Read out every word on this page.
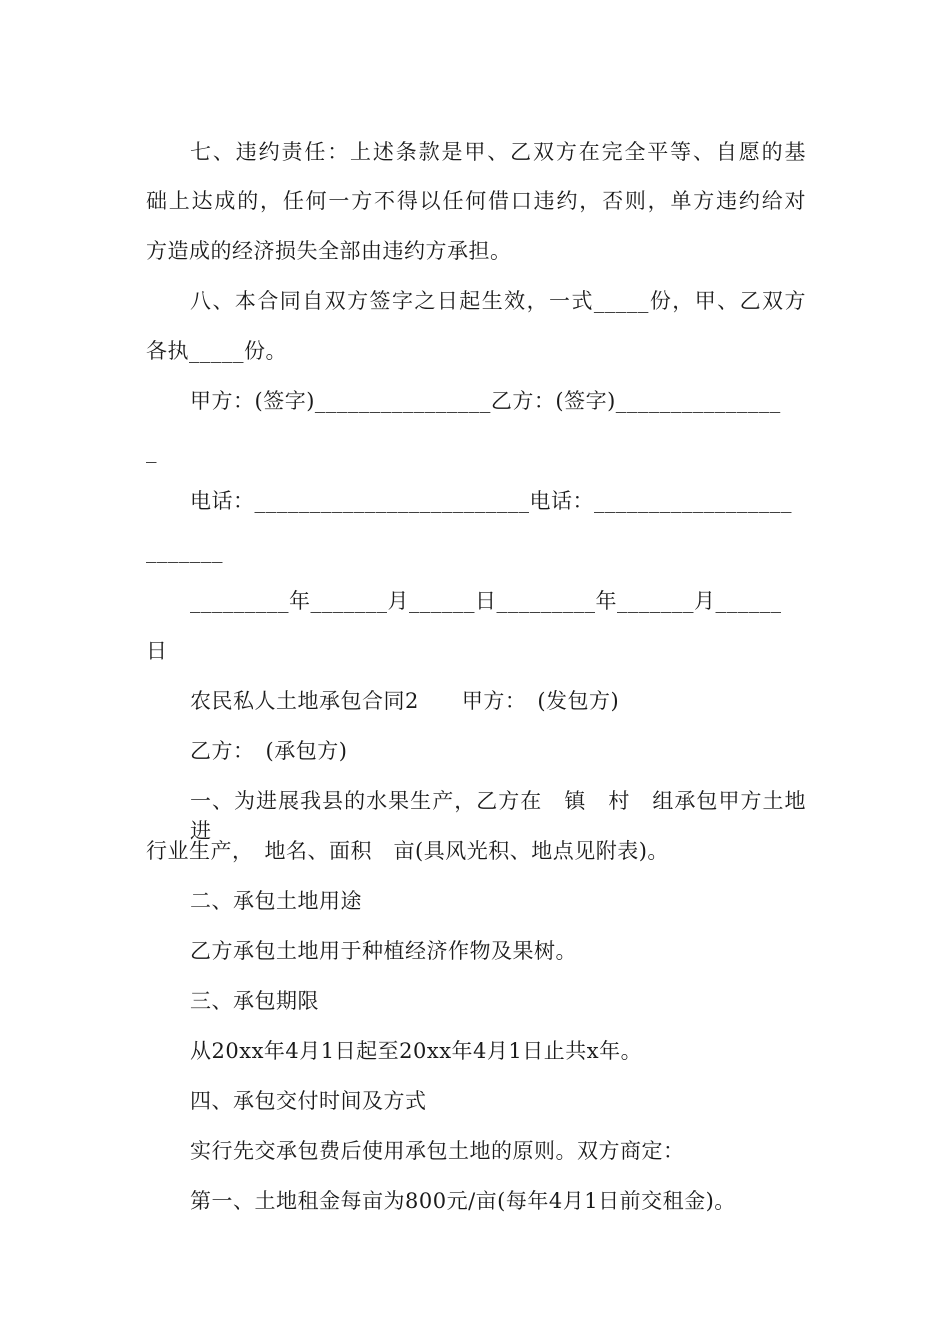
七、违约责任：上述条款是甲、乙双方在完全平等、自愿的基
础上达成的，任何一方不得以任何借口违约，否则，单方违约给对
方造成的经济损失全部由违约方承担。
八、本合同自双方签字之日起生效，一式_____份，甲、乙双方
各执_____份。
甲方：(签字)________________乙方：(签字)_______________
_
电话：_________________________电话：__________________
_______
_________年_______月______日_________年_______月______
日
农民私人土地承包合同2　　甲方：　(发包方)
乙方：　(承包方)
一、为进展我县的水果生产，乙方在　镇　村　组承包甲方土地进
行业生产，　地名、面积　亩(具风光积、地点见附表)。
二、承包土地用途
乙方承包土地用于种植经济作物及果树。
三、承包期限
从20xx年4月1日起至20xx年4月1日止共x年。
四、承包交付时间及方式
实行先交承包费后使用承包土地的原则。双方商定：
第一、土地租金每亩为800元/亩(每年4月1日前交租金)。
